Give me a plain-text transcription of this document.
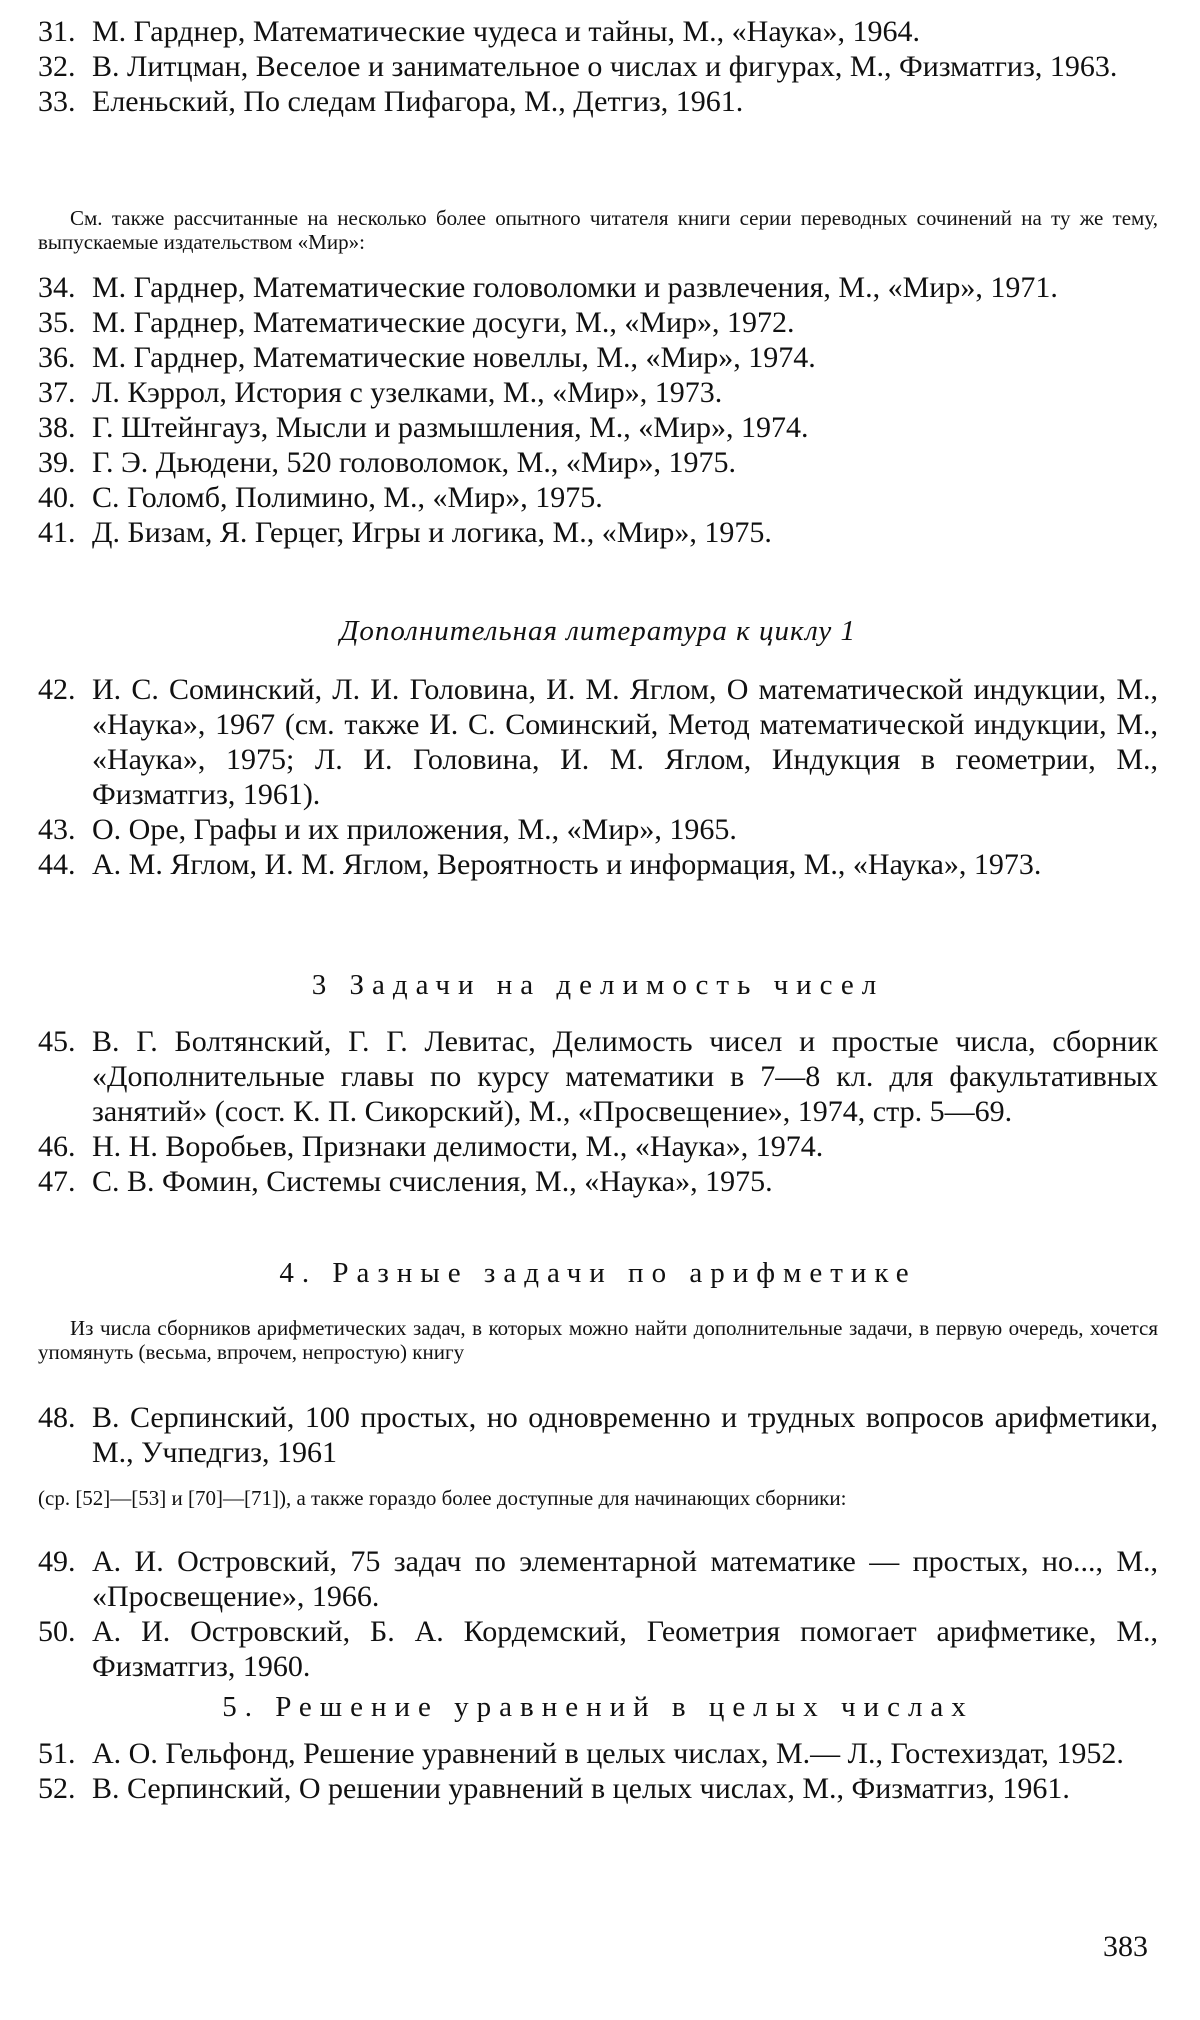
31. М. Гарднер, Математические чудеса и тайны, М., «Наука», 1964.
32. В. Литцман, Веселое и занимательное о числах и фигурах, М., Физматгиз, 1963.
33. Еленьский, По следам Пифагора, М., Детгиз, 1961.
См. также рассчитанные на несколько более опытного читателя книги серии переводных сочинений на ту же тему, выпускаемые издательством «Мир»:
34. М. Гарднер, Математические головоломки и развлечения, М., «Мир», 1971.
35. М. Гарднер, Математические досуги, М., «Мир», 1972.
36. М. Гарднер, Математические новеллы, М., «Мир», 1974.
37. Л. Кэррол, История с узелками, М., «Мир», 1973.
38. Г. Штейнгауз, Мысли и размышления, М., «Мир», 1974.
39. Г. Э. Дьюдени, 520 головоломок, М., «Мир», 1975.
40. С. Голомб, Полимино, М., «Мир», 1975.
41. Д. Бизам, Я. Герцег, Игры и логика, М., «Мир», 1975.
Дополнительная литература к циклу 1
42. И. С. Соминский, Л. И. Головина, И. М. Яглом, О математической индукции, М., «Наука», 1967 (см. также И. С. Соминский, Метод математической индукции, М., «Наука», 1975; Л. И. Головина, И. М. Яглом, Индукция в геометрии, М., Физматгиз, 1961).
43. О. Оре, Графы и их приложения, М., «Мир», 1965.
44. А. М. Яглом, И. М. Яглом, Вероятность и информация, М., «Наука», 1973.
3 Задачи на делимость чисел
45. В. Г. Болтянский, Г. Г. Левитас, Делимость чисел и простые числа, сборник «Дополнительные главы по курсу математики в 7—8 кл. для факультативных занятий» (сост. К. П. Сикорский), М., «Просвещение», 1974, стр. 5—69.
46. Н. Н. Воробьев, Признаки делимости, М., «Наука», 1974.
47. С. В. Фомин, Системы счисления, М., «Наука», 1975.
4. Разные задачи по арифметике
Из числа сборников арифметических задач, в которых можно найти дополнительные задачи, в первую очередь, хочется упомянуть (весьма, впрочем, непростую) книгу
48. В. Серпинский, 100 простых, но одновременно и трудных вопросов арифметики, М., Учпедгиз, 1961
(ср. [52]—[53] и [70]—[71]), а также гораздо более доступные для начинающих сборники:
49. А. И. Островский, 75 задач по элементарной математике — простых, но..., М., «Просвещение», 1966.
50. А. И. Островский, Б. А. Кордемский, Геометрия помогает арифметике, М., Физматгиз, 1960.
5. Решение уравнений в целых числах
51. А. О. Гельфонд, Решение уравнений в целых числах, М.— Л., Гостехиздат, 1952.
52. В. Серпинский, О решении уравнений в целых числах, М., Физматгиз, 1961.
383
